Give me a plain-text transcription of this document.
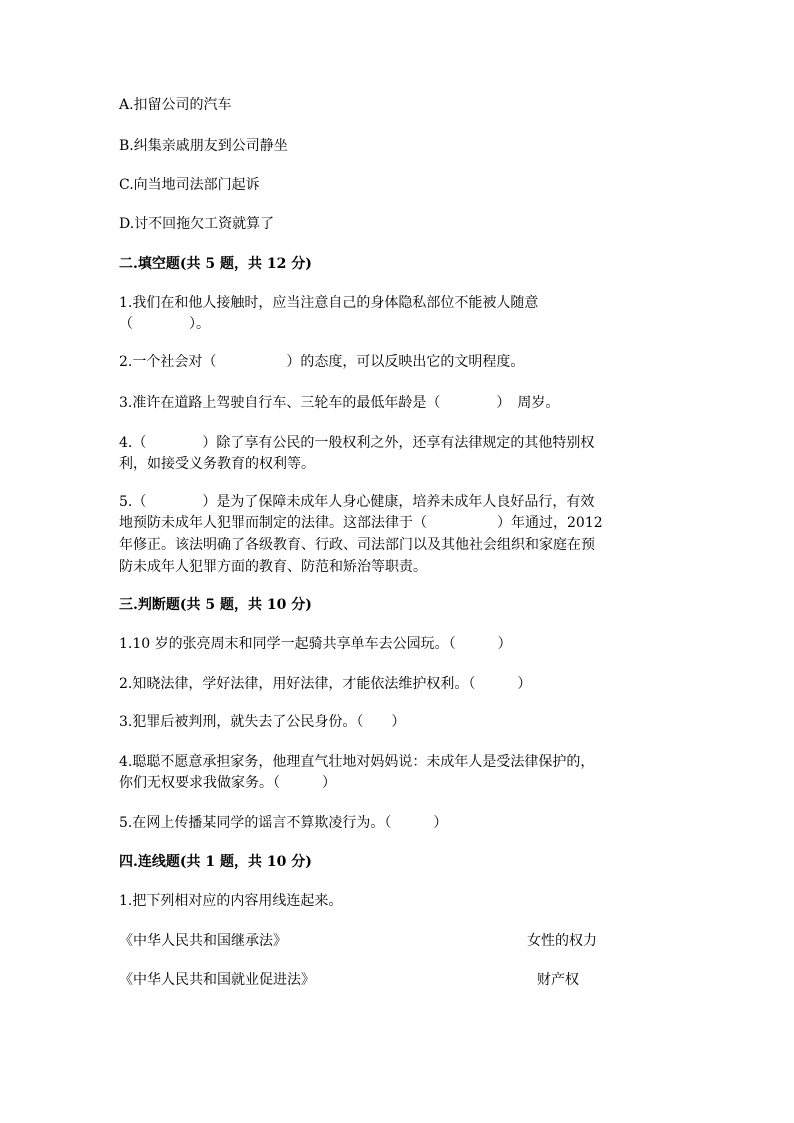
A.扣留公司的汽车
B.纠集亲戚朋友到公司静坐
C.向当地司法部门起诉
D.讨不回拖欠工资就算了
二.填空题(共 5 题，共 12 分)
1.我们在和他人接触时，应当注意自己的身体隐私部位不能被人随意
（　　　　）。
2.一个社会对（　　　　　）的态度，可以反映出它的文明程度。
3.准许在道路上驾驶自行车、三轮车的最低年龄是（　　　　）　周岁。
4.（　　　　）除了享有公民的一般权利之外，还享有法律规定的其他特别权
利，如接受义务教育的权利等。
5.（　　　　）是为了保障未成年人身心健康，培养未成年人良好品行，有效
地预防未成年人犯罪而制定的法律。这部法律于（　　　　　）年通过，2012
年修正。该法明确了各级教育、行政、司法部门以及其他社会组织和家庭在预
防未成年人犯罪方面的教育、防范和矫治等职责。
三.判断题(共 5 题，共 10 分)
1.10 岁的张亮周末和同学一起骑共享单车去公园玩。（　　　）
2.知晓法律，学好法律，用好法律，才能依法维护权利。（　　　）
3.犯罪后被判刑，就失去了公民身份。（　　）
4.聪聪不愿意承担家务，他理直气壮地对妈妈说：未成年人是受法律保护的，
你们无权要求我做家务。（　　　）
5.在网上传播某同学的谣言不算欺凌行为。（　　　）
四.连线题(共 1 题，共 10 分)
1.把下列相对应的内容用线连起来。
《中华人民共和国继承法》	女性的权力
《中华人民共和国就业促进法》	财产权
